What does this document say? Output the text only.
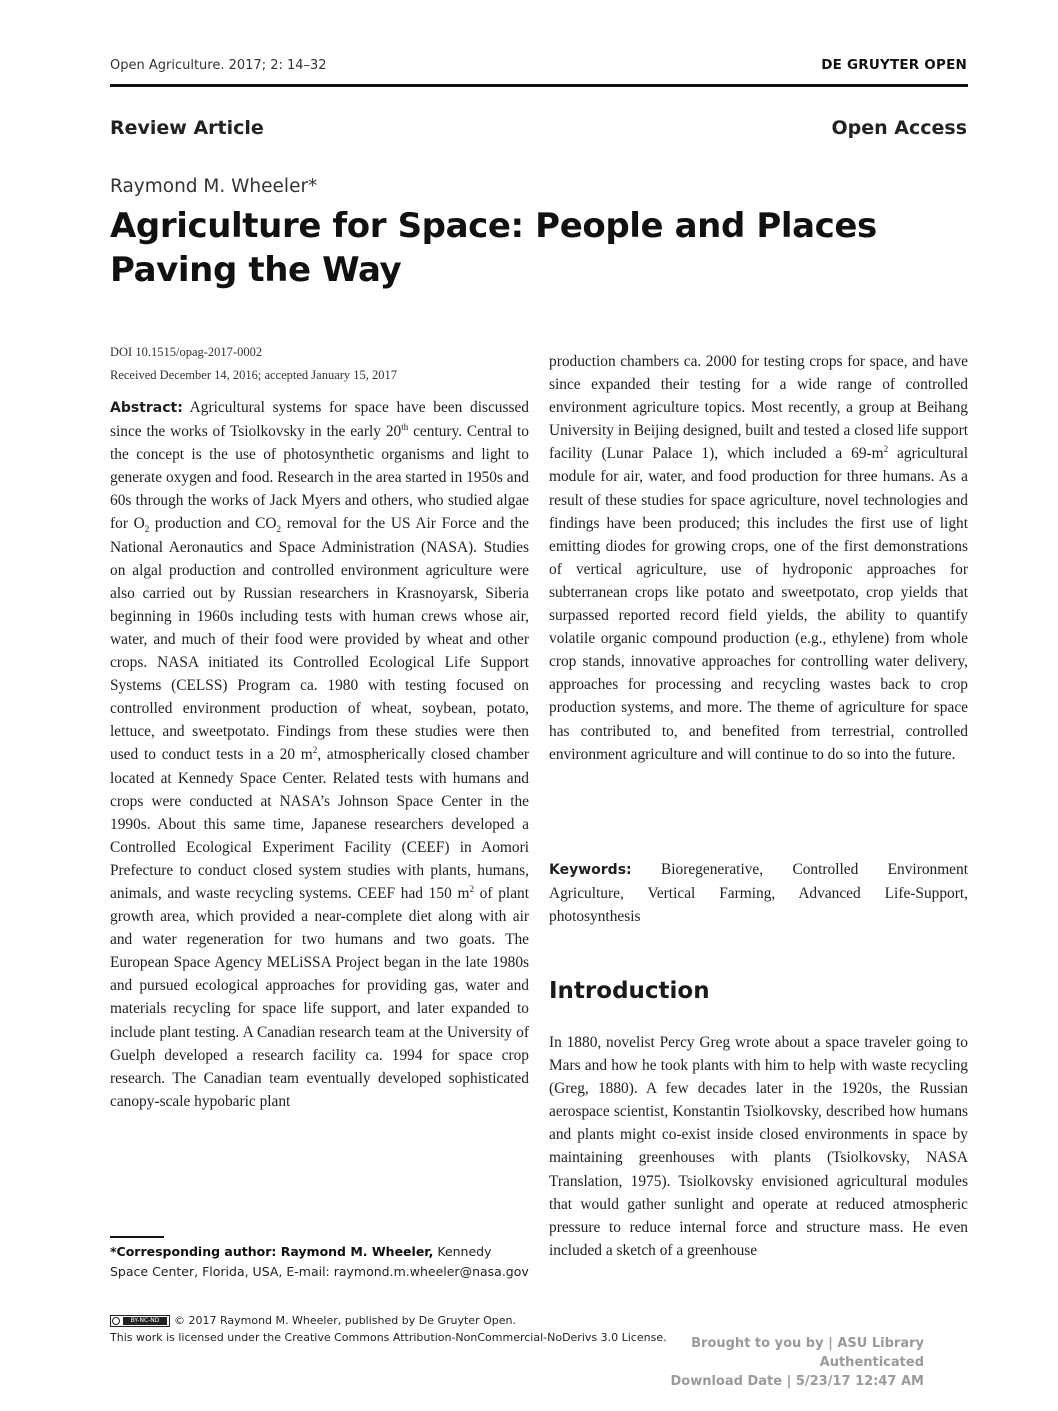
Open Agriculture. 2017; 2: 14–32	DE GRUYTER OPEN
Review Article	Open Access
Raymond M. Wheeler*
Agriculture for Space: People and Places Paving the Way
DOI 10.1515/opag-2017-0002
Received December 14, 2016; accepted January 15, 2017
Abstract: Agricultural systems for space have been discussed since the works of Tsiolkovsky in the early 20th century. Central to the concept is the use of photosynthetic organisms and light to generate oxygen and food. Research in the area started in 1950s and 60s through the works of Jack Myers and others, who studied algae for $O_2$ production and $CO_2$ removal for the US Air Force and the National Aeronautics and Space Administration (NASA). Studies on algal production and controlled environment agriculture were also carried out by Russian researchers in Krasnoyarsk, Siberia beginning in 1960s including tests with human crews whose air, water, and much of their food were provided by wheat and other crops. NASA initiated its Controlled Ecological Life Support Systems (CELSS) Program ca. 1980 with testing focused on controlled environment production of wheat, soybean, potato, lettuce, and sweetpotato. Findings from these studies were then used to conduct tests in a 20 $m^2$, atmospherically closed chamber located at Kennedy Space Center. Related tests with humans and crops were conducted at NASA’s Johnson Space Center in the 1990s. About this same time, Japanese researchers developed a Controlled Ecological Experiment Facility (CEEF) in Aomori Prefecture to conduct closed system studies with plants, humans, animals, and waste recycling systems. CEEF had 150 $m^2$ of plant growth area, which provided a near-complete diet along with air and water regeneration for two humans and two goats. The European Space Agency MELiSSA Project began in the late 1980s and pursued ecological approaches for providing gas, water and materials recycling for space life support, and later expanded to include plant testing. A Canadian research team at the University of Guelph developed a research facility ca. 1994 for space crop research. The Canadian team eventually developed sophisticated canopy-scale hypobaric plant
production chambers ca. 2000 for testing crops for space, and have since expanded their testing for a wide range of controlled environment agriculture topics. Most recently, a group at Beihang University in Beijing designed, built and tested a closed life support facility (Lunar Palace 1), which included a $69-m^2$ agricultural module for air, water, and food production for three humans. As a result of these studies for space agriculture, novel technologies and findings have been produced; this includes the first use of light emitting diodes for growing crops, one of the first demonstrations of vertical agriculture, use of hydroponic approaches for subterranean crops like potato and sweetpotato, crop yields that surpassed reported record field yields, the ability to quantify volatile organic compound production (e.g., ethylene) from whole crop stands, innovative approaches for controlling water delivery, approaches for processing and recycling wastes back to crop production systems, and more. The theme of agriculture for space has contributed to, and benefited from terrestrial, controlled environment agriculture and will continue to do so into the future.
Keywords: Bioregenerative, Controlled Environment Agriculture, Vertical Farming, Advanced Life-Support, photosynthesis
Introduction
In 1880, novelist Percy Greg wrote about a space traveler going to Mars and how he took plants with him to help with waste recycling (Greg, 1880). A few decades later in the 1920s, the Russian aerospace scientist, Konstantin Tsiolkovsky, described how humans and plants might co-exist inside closed environments in space by maintaining greenhouses with plants (Tsiolkovsky, NASA Translation, 1975). Tsiolkovsky envisioned agricultural modules that would gather sunlight and operate at reduced atmospheric pressure to reduce internal force and structure mass. He even included a sketch of a greenhouse
*Corresponding author: Raymond M. Wheeler, Kennedy Space Center, Florida, USA, E-mail: raymond.m.wheeler@nasa.gov
BY-NC-ND	© 2017 Raymond M. Wheeler, published by De Gruyter Open.
This work is licensed under the Creative Commons Attribution-NonCommercial-NoDerivs 3.0 License.	Brought to you by | ASU Library
Authenticated
Download Date | 5/23/17 12:47 AM
